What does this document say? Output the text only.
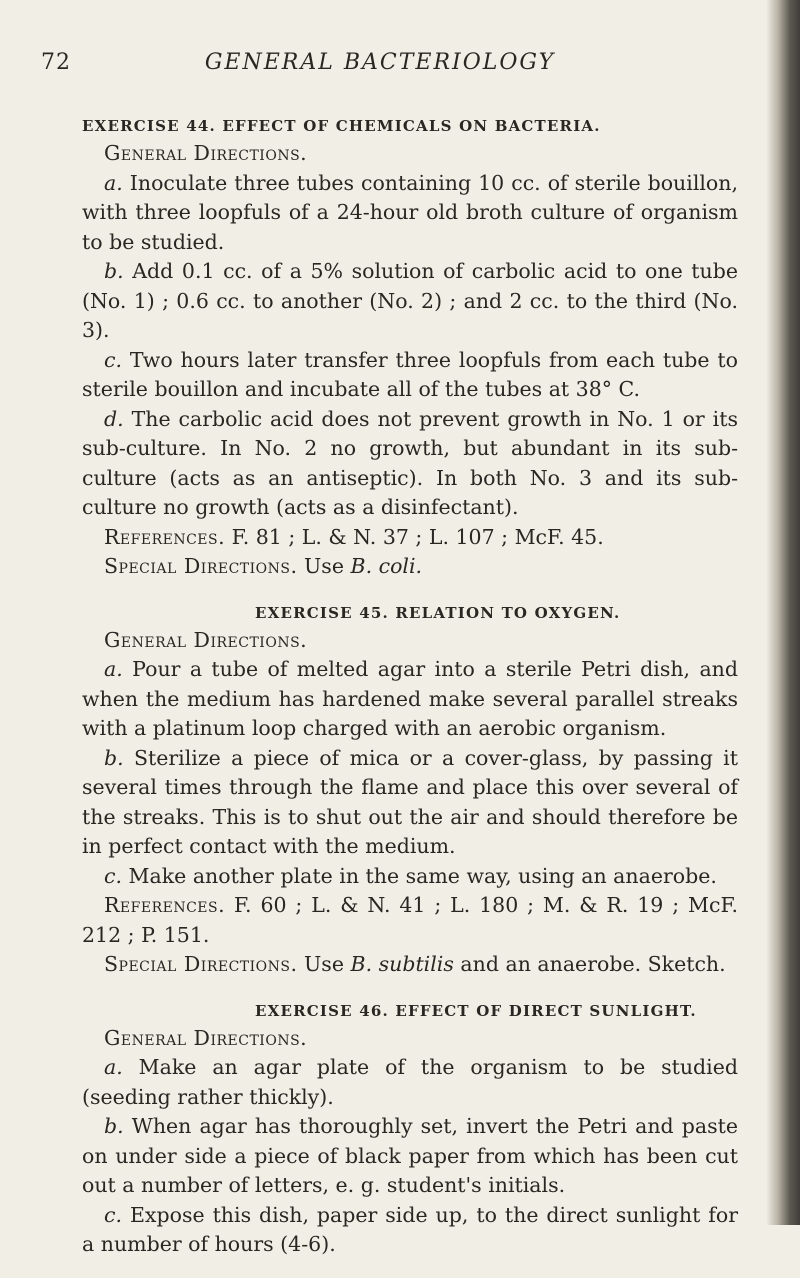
72	GENERAL BACTERIOLOGY

EXERCISE 44. EFFECT OF CHEMICALS ON BACTERIA.

General Directions.

a. Inoculate three tubes containing 10 cc. of sterile bouillon, with three loopfuls of a 24-hour old broth culture of organism to be studied.

b. Add 0.1 cc. of a 5% solution of carbolic acid to one tube (No. 1) ; 0.6 cc. to another (No. 2) ; and 2 cc. to the third (No. 3).

c. Two hours later transfer three loopfuls from each tube to sterile bouillon and incubate all of the tubes at 38° C.

d. The carbolic acid does not prevent growth in No. 1 or its sub-culture. In No. 2 no growth, but abundant in its sub-culture (acts as an antiseptic). In both No. 3 and its sub-culture no growth (acts as a disinfectant).

References. F. 81 ; L. & N. 37 ; L. 107 ; McF. 45.

Special Directions. Use B. coli.

EXERCISE 45. RELATION TO OXYGEN.

General Directions.

a. Pour a tube of melted agar into a sterile Petri dish, and when the medium has hardened make several parallel streaks with a platinum loop charged with an aerobic organism.

b. Sterilize a piece of mica or a cover-glass, by passing it several times through the flame and place this over several of the streaks. This is to shut out the air and should therefore be in perfect contact with the medium.

c. Make another plate in the same way, using an anaerobe.

References. F. 60 ; L. & N. 41 ; L. 180 ; M. & R. 19 ; McF. 212 ; P. 151.

Special Directions. Use B. subtilis and an anaerobe. Sketch.

EXERCISE 46. EFFECT OF DIRECT SUNLIGHT.

General Directions.

a. Make an agar plate of the organism to be studied (seeding rather thickly).

b. When agar has thoroughly set, invert the Petri and paste on under side a piece of black paper from which has been cut out a number of letters, e. g. student's initials.

c. Expose this dish, paper side up, to the direct sunlight for a number of hours (4-6).
